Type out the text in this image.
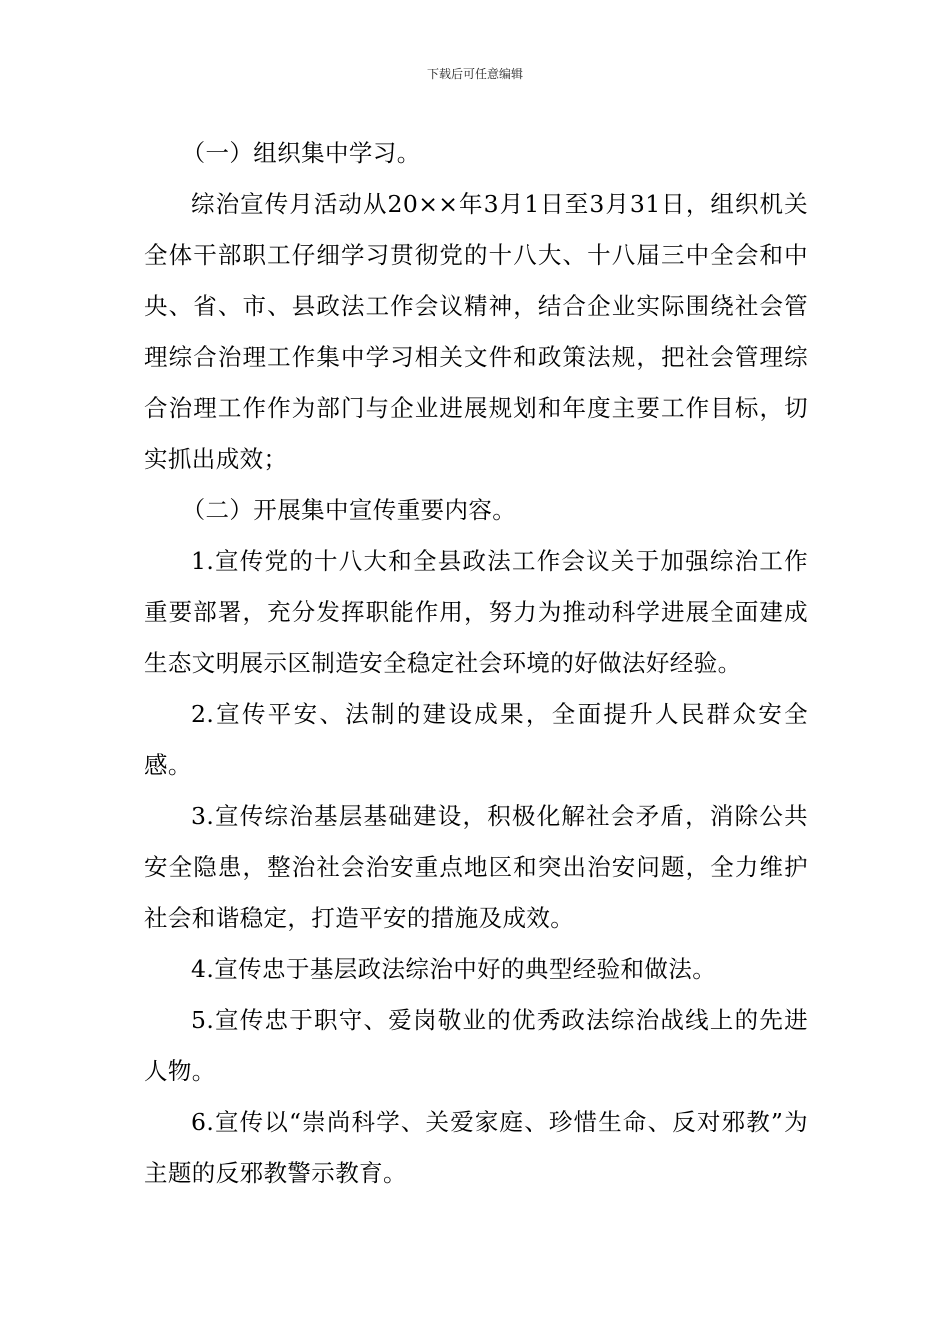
下载后可任意编辑

（一）组织集中学习。

综治宣传月活动从20××年3月1日至3月31日，组织机关全体干部职工仔细学习贯彻党的十八大、十八届三中全会和中央、省、市、县政法工作会议精神，结合企业实际围绕社会管理综合治理工作集中学习相关文件和政策法规，把社会管理综合治理工作作为部门与企业进展规划和年度主要工作目标，切实抓出成效；

（二）开展集中宣传重要内容。

1.宣传党的十八大和全县政法工作会议关于加强综治工作重要部署，充分发挥职能作用，努力为推动科学进展全面建成生态文明展示区制造安全稳定社会环境的好做法好经验。

2.宣传平安、法制的建设成果，全面提升人民群众安全感。

3.宣传综治基层基础建设，积极化解社会矛盾，消除公共安全隐患，整治社会治安重点地区和突出治安问题，全力维护社会和谐稳定，打造平安的措施及成效。

4.宣传忠于基层政法综治中好的典型经验和做法。

5.宣传忠于职守、爱岗敬业的优秀政法综治战线上的先进人物。

6.宣传以“崇尚科学、关爱家庭、珍惜生命、反对邪教”为主题的反邪教警示教育。
